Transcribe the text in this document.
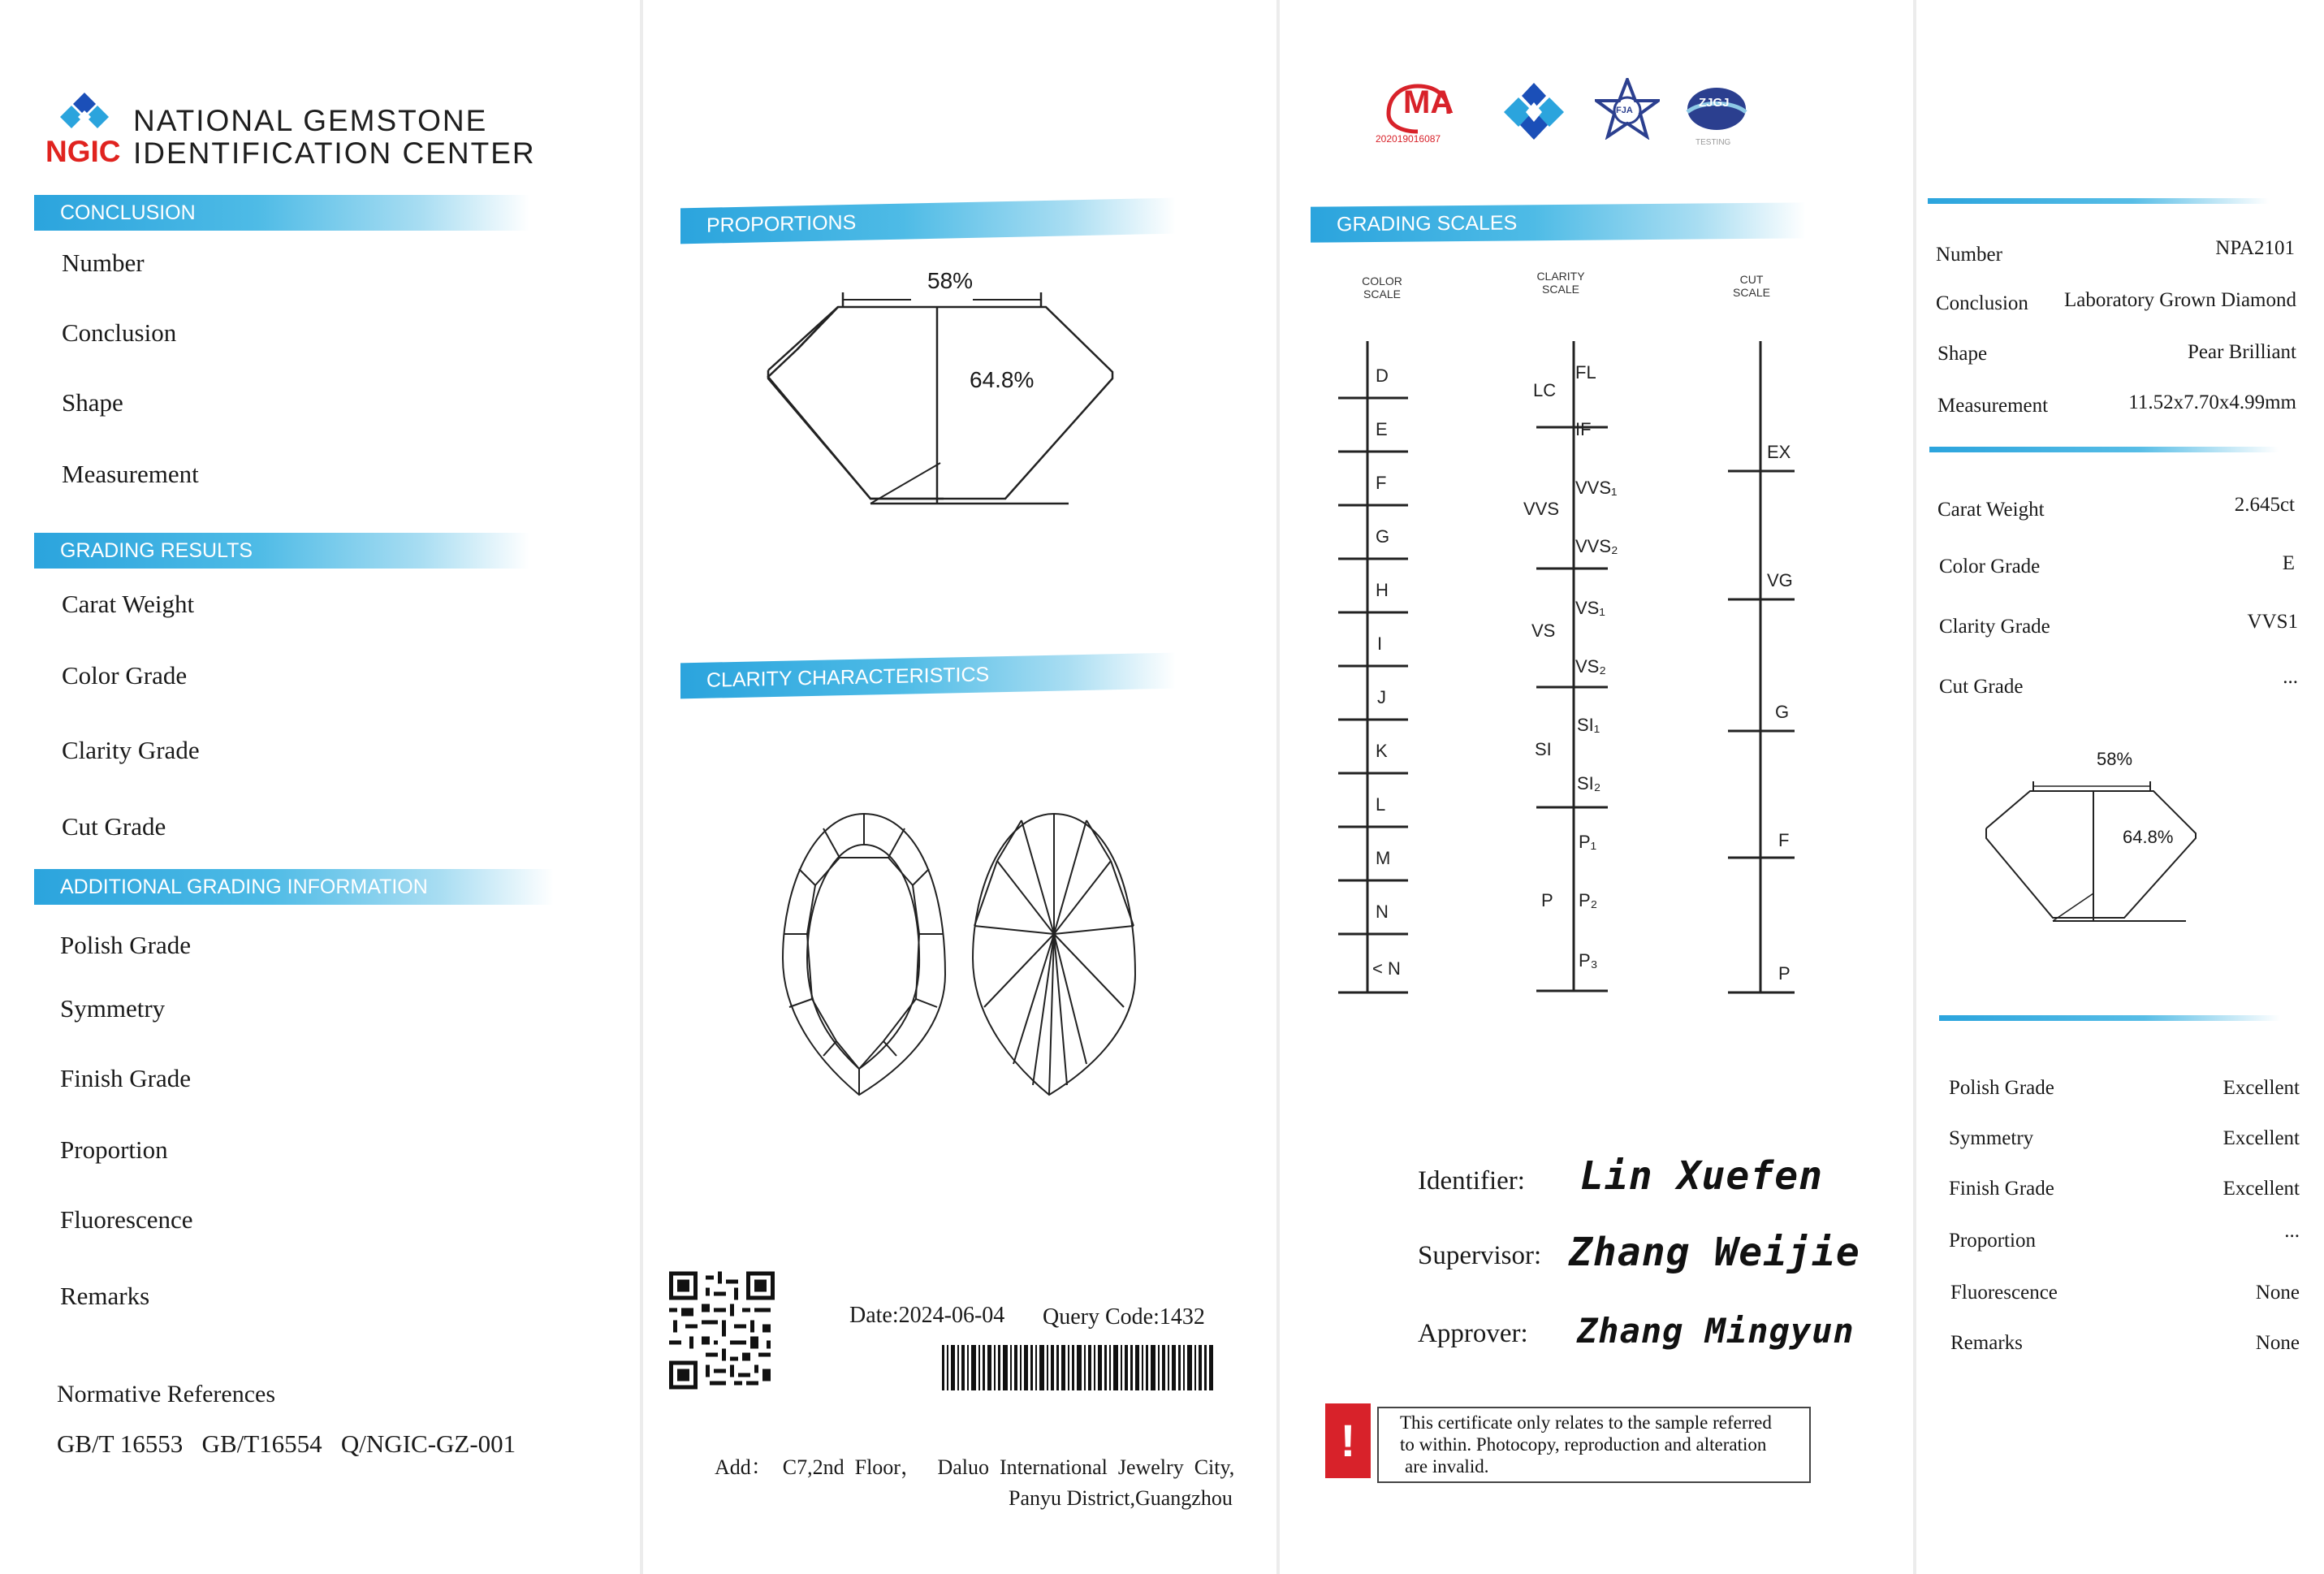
NATIONAL GEMSTONE
NGIC IDENTIFICATION CENTER
CONCLUSION
Number
Conclusion
Shape
Measurement
GRADING RESULTS
Carat Weight
Color Grade
Clarity Grade
Cut Grade
ADDITIONAL GRADING INFORMATION
Polish Grade
Symmetry
Finish Grade
Proportion
Fluorescence
Remarks
Normative References
GB/T 16553   GB/T16554   Q/NGIC-GZ-001
PROPORTIONS
58%
64.8%
CLARITY CHARACTERISTICS
Date:2024-06-04 Query Code:1432
Add：  C7,2nd  Floor，   Daluo  International  Jewelry  City,
Panyu District,Guangzhou
MA
202019016087
FJA
ZJGJ
TESTING
GRADING SCALES
COLOR
SCALE
CLARITY
SCALE
CUT
SCALE
D
E
F
G
H
I
J
K
L
M
N
< N
LC
VVS
VS
SI
P
FL
IF
VVS₁
VVS₂
VS₁
VS₂
SI₁
SI₂
P₁
P₂
P₃
EX
VG
G
F
P
Identifier: Lin Xuefen
Supervisor: Zhang Weijie
Approver: Zhang Mingyun
!	This certificate only relates to the sample referred
to within. Photocopy, reproduction and alteration
are invalid.
Number	NPA2101
Conclusion Laboratory Grown Diamond
Shape	Pear Brilliant
Measurement	11.52x7.70x4.99mm
Carat Weight	2.645ct
Color Grade	E
Clarity Grade	VVS1
Cut Grade	...
58%
64.8%
Polish Grade	Excellent
Symmetry	Excellent
Finish Grade	Excellent
Proportion	...
Fluorescence	None
Remarks	None
